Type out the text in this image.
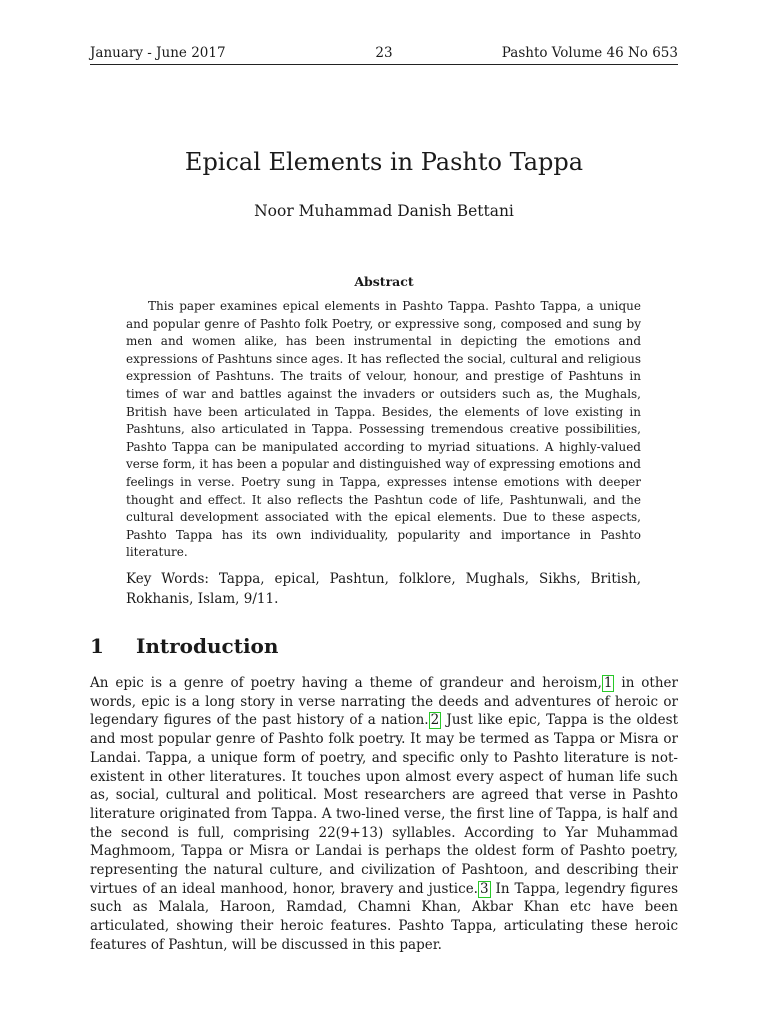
January - June 2017	23	Pashto Volume 46 No 653
Epical Elements in Pashto Tappa
Noor Muhammad Danish Bettani
Abstract

This paper examines epical elements in Pashto Tappa. Pashto Tappa, a unique and popular genre of Pashto folk Poetry, or expressive song, composed and sung by men and women alike, has been instrumental in depicting the emotions and expressions of Pashtuns since ages. It has reflected the social, cultural and religious expression of Pashtuns. The traits of velour, honour, and prestige of Pashtuns in times of war and battles against the invaders or outsiders such as, the Mughals, British have been articulated in Tappa. Besides, the elements of love existing in Pashtuns, also articulated in Tappa. Possessing tremendous creative possibilities, Pashto Tappa can be manipulated according to myriad situations. A highly-valued verse form, it has been a popular and distinguished way of expressing emotions and feelings in verse. Poetry sung in Tappa, expresses intense emotions with deeper thought and effect. It also reflects the Pashtun code of life, Pashtunwali, and the cultural development associated with the epical elements. Due to these aspects, Pashto Tappa has its own individuality, popularity and importance in Pashto literature.

Key Words: Tappa, epical, Pashtun, folklore, Mughals, Sikhs, British, Rokhanis, Islam, 9/11.

1 Introduction

An epic is a genre of poetry having a theme of grandeur and heroism, 1 in other words, epic is a long story in verse narrating the deeds and adventures of heroic or legendary figures of the past history of a nation. 2 Just like epic, Tappa is the oldest and most popular genre of Pashto folk poetry. It may be termed as Tappa or Misra or Landai. Tappa, a unique form of poetry, and specific only to Pashto literature is not-existent in other literatures. It touches upon almost every aspect of human life such as, social, cultural and political. Most researchers are agreed that verse in Pashto literature originated from Tappa. A two-lined verse, the first line of Tappa, is half and the second is full, comprising 22(9+13) syllables. According to Yar Muhammad Maghmoom, Tappa or Misra or Landai is perhaps the oldest form of Pashto poetry, representing the natural culture, and civilization of Pashtoon, and describing their virtues of an ideal manhood, honor, bravery and justice. 3 In Tappa, legendry figures such as Malala, Haroon, Ramdad, Chamni Khan, Akbar Khan etc have been articulated, showing their heroic features. Pashto Tappa, articulating these heroic features of Pashtun, will be discussed in this paper.
